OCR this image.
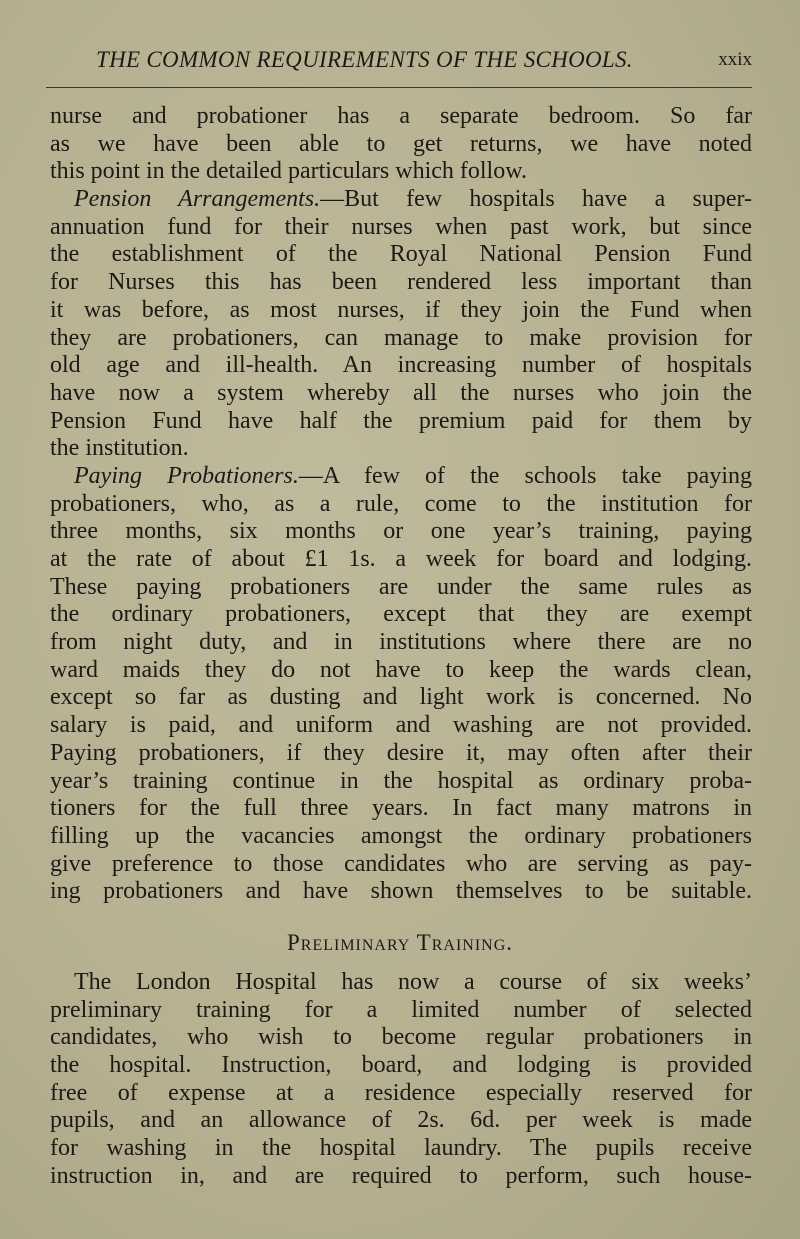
THE COMMON REQUIREMENTS OF THE SCHOOLS.	xxix
nurse and probationer has a separate bedroom. So far
as we have been able to get returns, we have noted
this point in the detailed particulars which follow.
Pension Arrangements.—But few hospitals have a super-
annuation fund for their nurses when past work, but since
the establishment of the Royal National Pension Fund
for Nurses this has been rendered less important than
it was before, as most nurses, if they join the Fund when
they are probationers, can manage to make provision for
old age and ill-health. An increasing number of hospitals
have now a system whereby all the nurses who join the
Pension Fund have half the premium paid for them by
the institution.
Paying Probationers.—A few of the schools take paying
probationers, who, as a rule, come to the institution for
three months, six months or one year’s training, paying
at the rate of about £1 1s. a week for board and lodging.
These paying probationers are under the same rules as
the ordinary probationers, except that they are exempt
from night duty, and in institutions where there are no
ward maids they do not have to keep the wards clean,
except so far as dusting and light work is concerned. No
salary is paid, and uniform and washing are not provided.
Paying probationers, if they desire it, may often after their
year’s training continue in the hospital as ordinary proba-
tioners for the full three years. In fact many matrons in
filling up the vacancies amongst the ordinary probationers
give preference to those candidates who are serving as pay-
ing probationers and have shown themselves to be suitable.
Preliminary Training.
The London Hospital has now a course of six weeks’
preliminary training for a limited number of selected
candidates, who wish to become regular probationers in
the hospital. Instruction, board, and lodging is provided
free of expense at a residence especially reserved for
pupils, and an allowance of 2s. 6d. per week is made
for washing in the hospital laundry. The pupils receive
instruction in, and are required to perform, such house-
